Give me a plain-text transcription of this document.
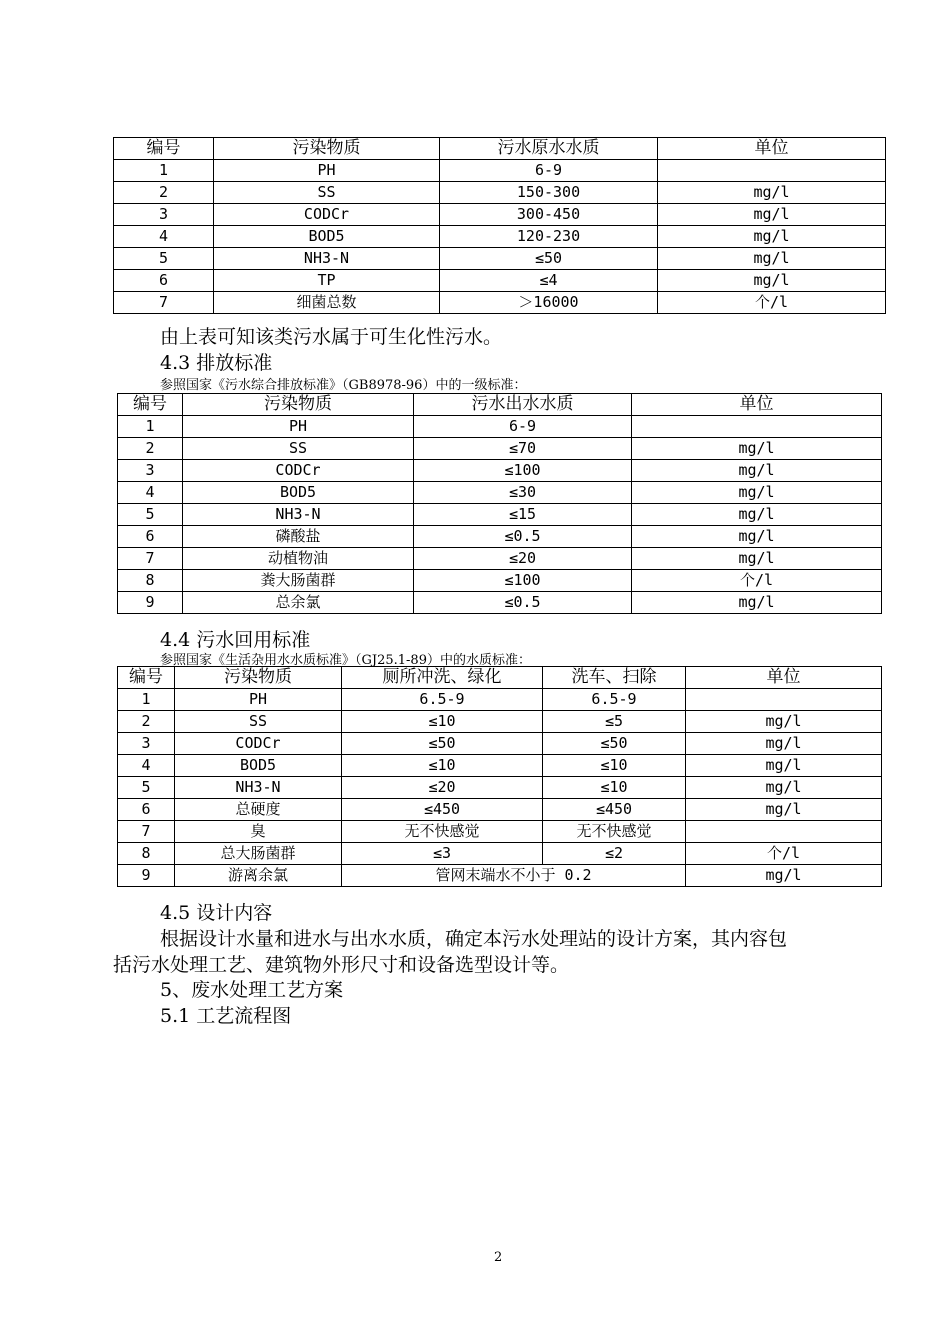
编号	污染物质	污水原水水质	单位
1	PH	6-9	
2	SS	150-300	mg/l
3	CODCr	300-450	mg/l
4	BOD5	120-230	mg/l
5	NH3-N	≤50	mg/l
6	TP	≤4	mg/l
7	细菌总数	＞16000	个/l
由上表可知该类污水属于可生化性污水。
4.3 排放标准
参照国家《污水综合排放标准》（GB8978-96）中的一级标准：
编号	污染物质	污水出水水质	单位
1	PH	6-9	
2	SS	≤70	mg/l
3	CODCr	≤100	mg/l
4	BOD5	≤30	mg/l
5	NH3-N	≤15	mg/l
6	磷酸盐	≤0.5	mg/l
7	动植物油	≤20	mg/l
8	粪大肠菌群	≤100	个/l
9	总余氯	≤0.5	mg/l
4.4 污水回用标准
参照国家《生活杂用水水质标准》（GJ25.1-89）中的水质标准：
编号	污染物质	厕所冲洗、绿化	洗车、扫除	单位
1	PH	6.5-9	6.5-9	
2	SS	≤10	≤5	mg/l
3	CODCr	≤50	≤50	mg/l
4	BOD5	≤10	≤10	mg/l
5	NH3-N	≤20	≤10	mg/l
6	总硬度	≤450	≤450	mg/l
7	臭	无不快感觉	无不快感觉	
8	总大肠菌群	≤3	≤2	个/l
9	游离余氯	管网末端水不小于 0.2		mg/l
4.5 设计内容
根据设计水量和进水与出水水质，确定本污水处理站的设计方案，其内容包
括污水处理工艺、建筑物外形尺寸和设备选型设计等。
5、废水处理工艺方案
5.1 工艺流程图
2
